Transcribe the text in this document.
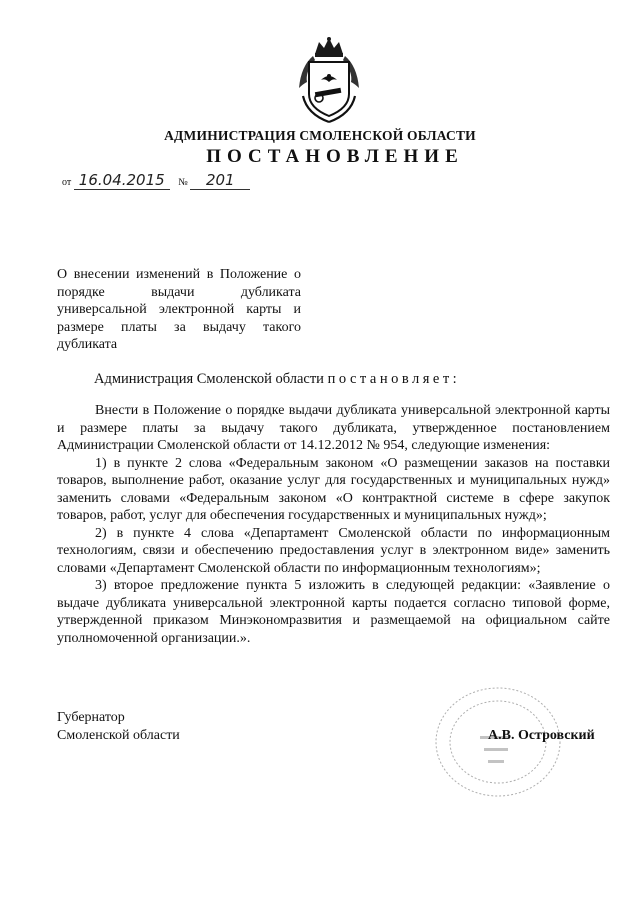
АДМИНИСТРАЦИЯ СМОЛЕНСКОЙ ОБЛАСТИ
ПОСТАНОВЛЕНИЕ
от 16.04.2015 № 201
О внесении изменений в Положение о порядке выдачи дубликата универсальной электронной карты и размере платы за выдачу такого дубликата
Администрация Смоленской области постановляет:

Внести в Положение о порядке выдачи дубликата универсальной электронной карты и размере платы за выдачу такого дубликата, утвержденное постановлением Администрации Смоленской области от 14.12.2012 № 954, следующие изменения:

1) в пункте 2 слова «Федеральным законом «О размещении заказов на поставки товаров, выполнение работ, оказание услуг для государственных и муниципальных нужд» заменить словами «Федеральным законом «О контрактной системе в сфере закупок товаров, работ, услуг для обеспечения государственных и муниципальных нужд»;

2) в пункте 4 слова «Департамент Смоленской области по информационным технологиям, связи и обеспечению предоставления услуг в электронном виде» заменить словами «Департамент Смоленской области по информационным технологиям»;

3) второе предложение пункта 5 изложить в следующей редакции: «Заявление о выдаче дубликата универсальной электронной карты подается согласно типовой форме, утвержденной приказом Минэкономразвития и размещаемой на официальном сайте уполномоченной организации.».

Губернатор
Смоленской области	А.В. Островский
